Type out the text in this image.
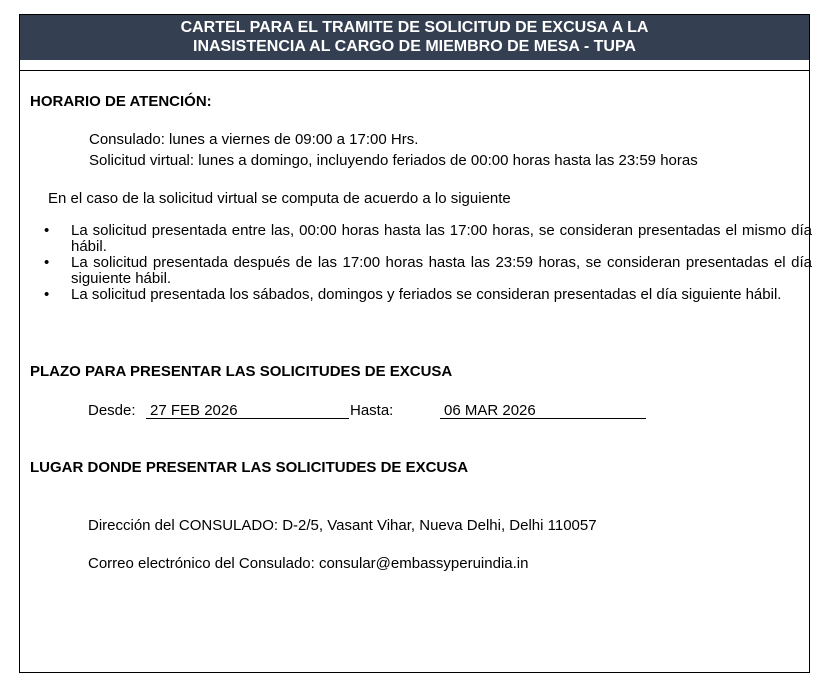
CARTEL PARA EL TRAMITE DE SOLICITUD DE EXCUSA A LA
INASISTENCIA AL CARGO DE MIEMBRO DE MESA - TUPA
HORARIO DE ATENCIÓN:
Consulado: lunes a viernes de 09:00 a 17:00 Hrs.
Solicitud virtual: lunes a domingo, incluyendo feriados de 00:00 horas hasta las 23:59 horas
En el caso de la solicitud virtual se computa de acuerdo a lo siguiente
• La solicitud presentada entre las, 00:00 horas hasta las 17:00 horas, se consideran presentadas el mismo día hábil.
• La solicitud presentada después de las 17:00 horas hasta las 23:59 horas, se consideran presentadas el día siguiente hábil.
• La solicitud presentada los sábados, domingos y feriados se consideran presentadas el día siguiente hábil.
PLAZO PARA PRESENTAR LAS SOLICITUDES DE EXCUSA
Desde: 27 FEB 2026	Hasta:	06 MAR 2026
LUGAR DONDE PRESENTAR LAS SOLICITUDES DE EXCUSA
Dirección del CONSULADO: D-2/5, Vasant Vihar, Nueva Delhi, Delhi 110057
Correo electrónico del Consulado: consular@embassyperuindia.in
